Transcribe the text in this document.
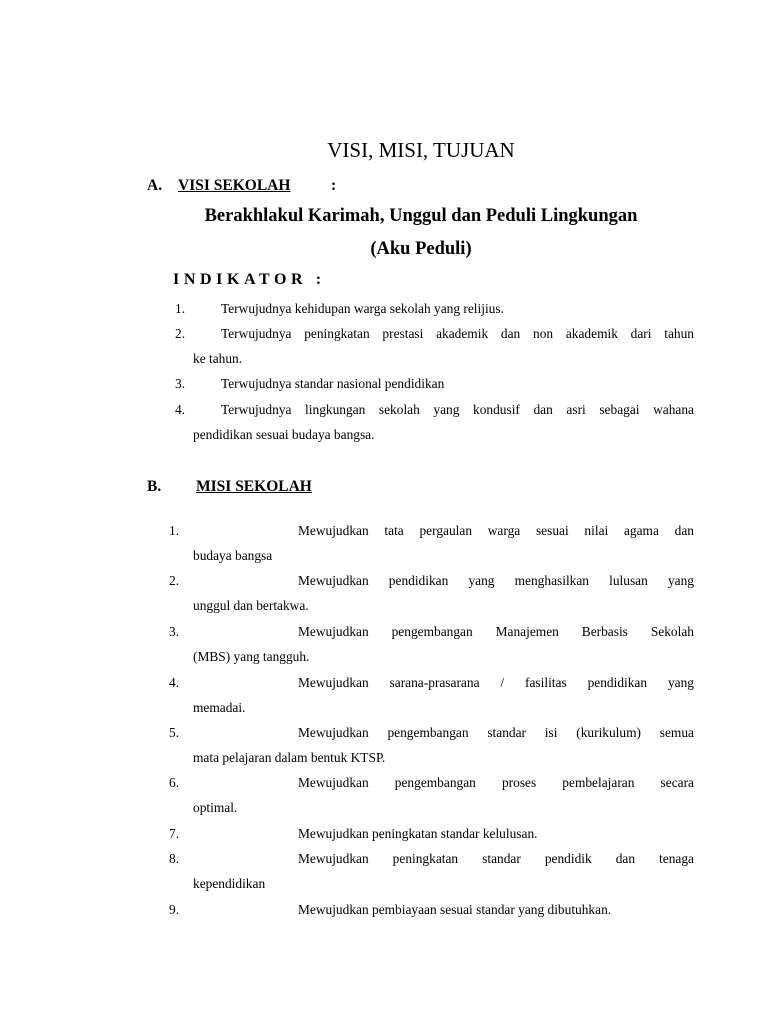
VISI, MISI, TUJUAN
A. VISI SEKOLAH	:
Berakhlakul Karimah, Unggul dan Peduli Lingkungan
(Aku Peduli)
INDIKATOR :
1.	Terwujudnya kehidupan warga sekolah yang relijius.
2.	Terwujudnya peningkatan prestasi akademik dan non akademik dari tahun
ke tahun.
3.	Terwujudnya standar nasional pendidikan
4.	Terwujudnya lingkungan sekolah yang kondusif dan asri sebagai wahana
pendidikan sesuai budaya bangsa.
B. MISI SEKOLAH
1.	Mewujudkan tata pergaulan warga sesuai nilai agama dan
budaya bangsa
2.	Mewujudkan pendidikan yang menghasilkan lulusan yang
unggul dan bertakwa.
3.	Mewujudkan pengembangan Manajemen Berbasis Sekolah
(MBS) yang tangguh.
4.	Mewujudkan sarana-prasarana / fasilitas pendidikan yang
memadai.
5.	Mewujudkan pengembangan standar isi (kurikulum) semua
mata pelajaran dalam bentuk KTSP.
6.	Mewujudkan pengembangan proses pembelajaran secara
optimal.
7.	Mewujudkan peningkatan standar kelulusan.
8.	Mewujudkan peningkatan standar pendidik dan tenaga
kependidikan
9.	Mewujudkan pembiayaan sesuai standar yang dibutuhkan.
